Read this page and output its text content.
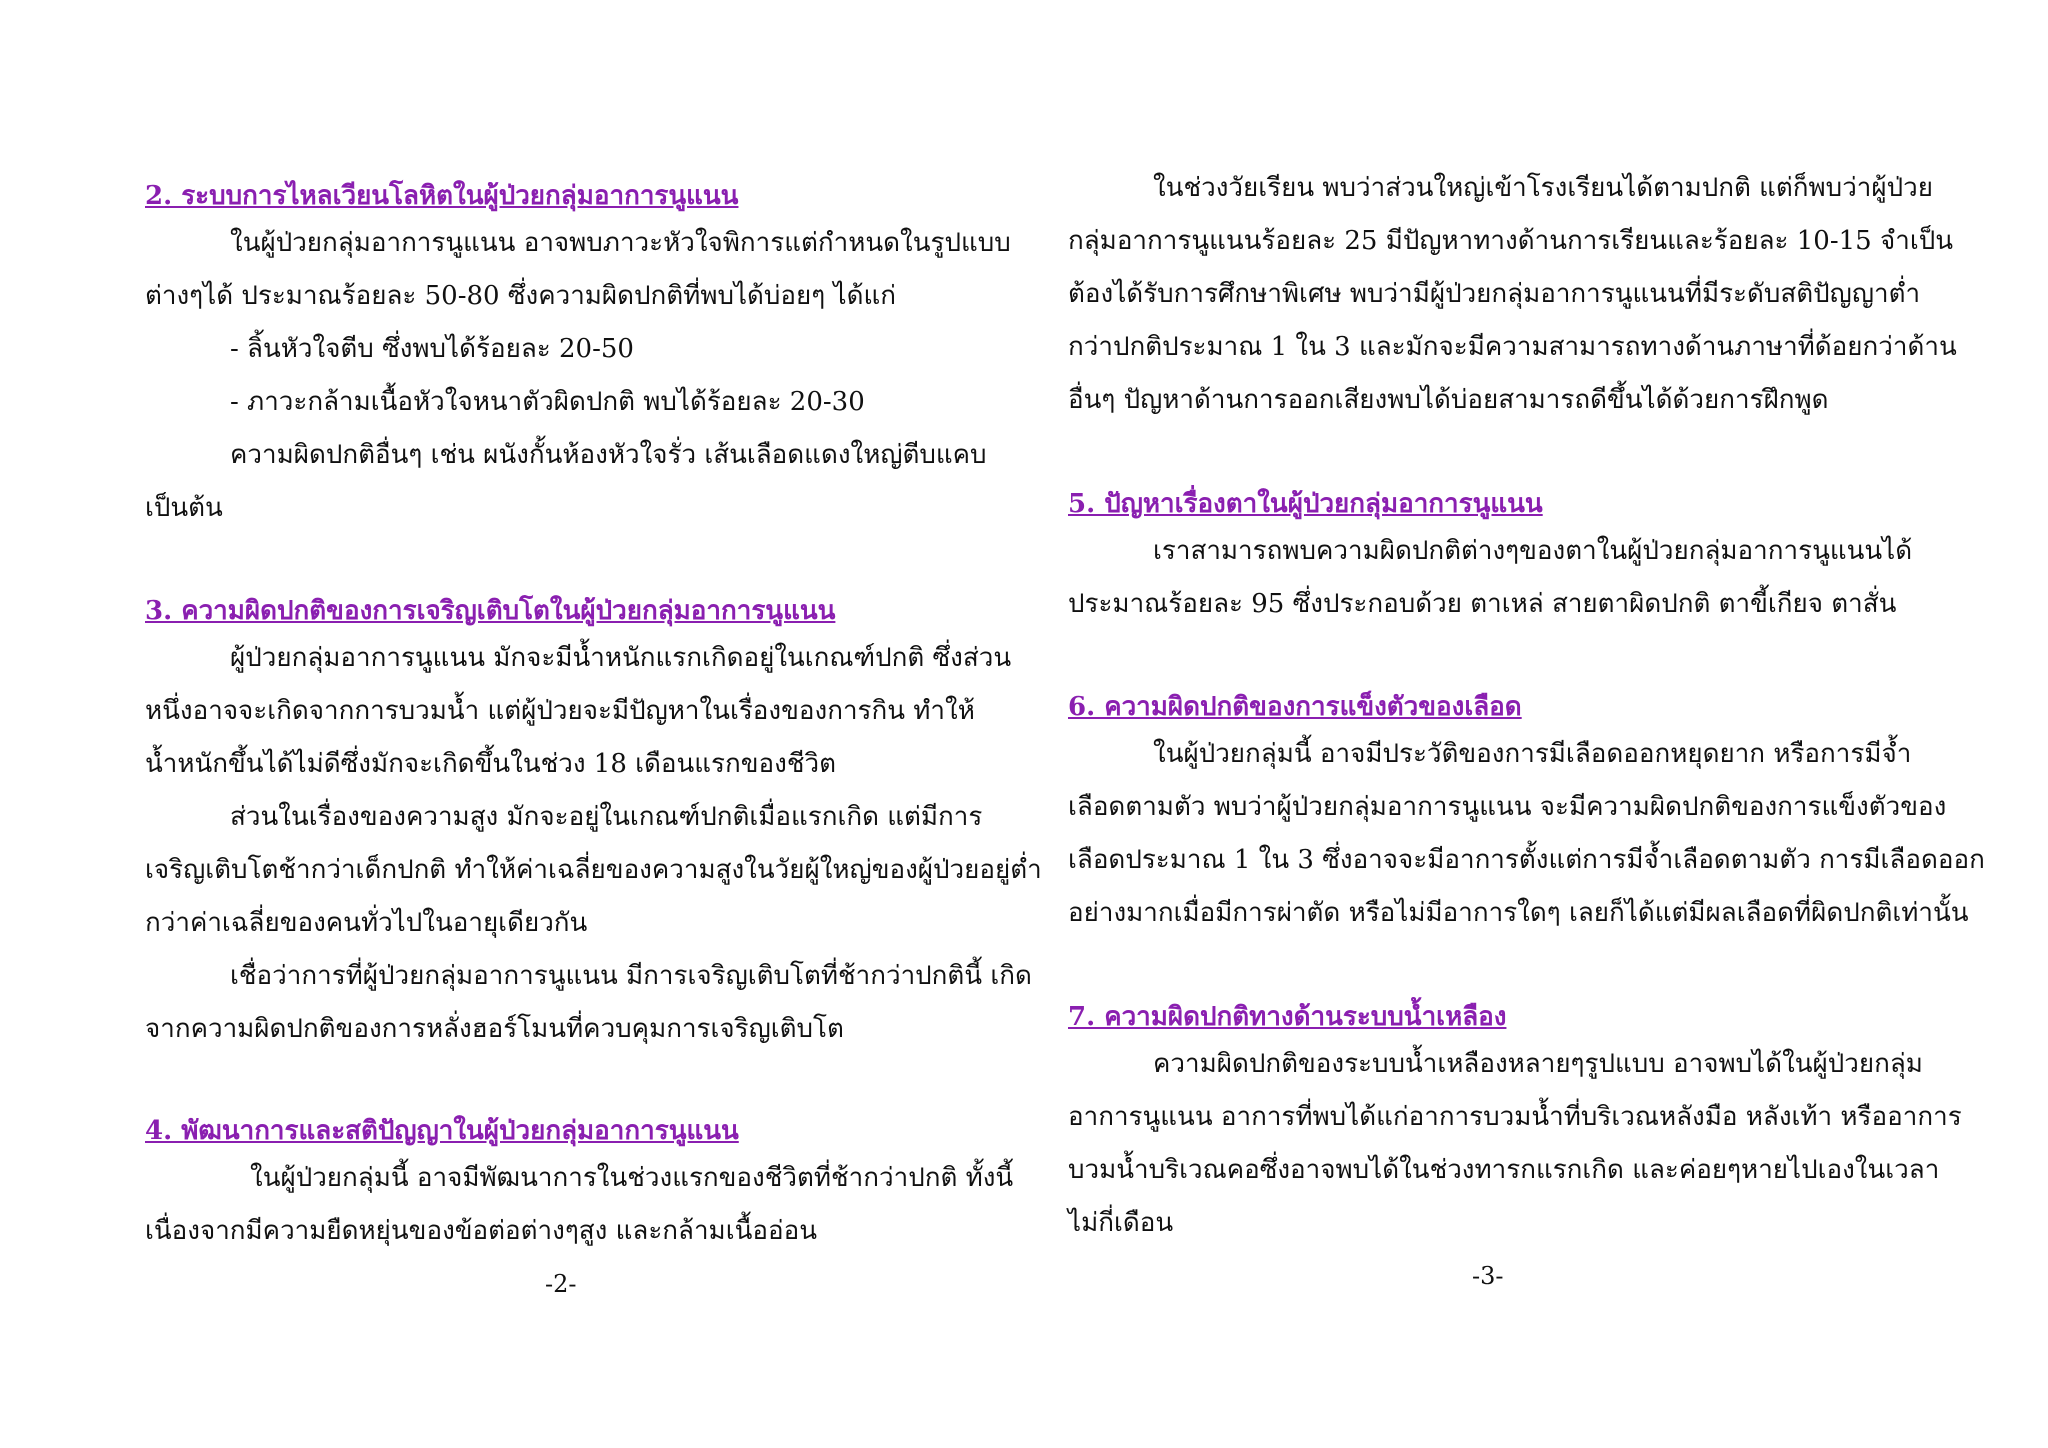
2. ระบบการไหลเวียนโลหิตในผู้ป่วยกลุ่มอาการนูแนน
ในผู้ป่วยกลุ่มอาการนูแนน อาจพบภาวะหัวใจพิการแต่กำหนดในรูปแบบ
ต่างๆได้ ประมาณร้อยละ 50-80 ซึ่งความผิดปกติที่พบได้บ่อยๆ ได้แก่
- ลิ้นหัวใจตีบ ซึ่งพบได้ร้อยละ 20-50
- ภาวะกล้ามเนื้อหัวใจหนาตัวผิดปกติ พบได้ร้อยละ 20-30
ความผิดปกติอื่นๆ เช่น ผนังกั้นห้องหัวใจรั่ว เส้นเลือดแดงใหญ่ตีบแคบ
เป็นต้น
3. ความผิดปกติของการเจริญเติบโตในผู้ป่วยกลุ่มอาการนูแนน
ผู้ป่วยกลุ่มอาการนูแนน มักจะมีน้ำหนักแรกเกิดอยู่ในเกณฑ์ปกติ ซึ่งส่วน
หนึ่งอาจจะเกิดจากการบวมน้ำ แต่ผู้ป่วยจะมีปัญหาในเรื่องของการกิน ทำให้
น้ำหนักขึ้นได้ไม่ดีซึ่งมักจะเกิดขึ้นในช่วง 18 เดือนแรกของชีวิต
ส่วนในเรื่องของความสูง มักจะอยู่ในเกณฑ์ปกติเมื่อแรกเกิด แต่มีการ
เจริญเติบโตช้ากว่าเด็กปกติ ทำให้ค่าเฉลี่ยของความสูงในวัยผู้ใหญ่ของผู้ป่วยอยู่ต่ำ
กว่าค่าเฉลี่ยของคนทั่วไปในอายุเดียวกัน
เชื่อว่าการที่ผู้ป่วยกลุ่มอาการนูแนน มีการเจริญเติบโตที่ช้ากว่าปกตินี้ เกิด
จากความผิดปกติของการหลั่งฮอร์โมนที่ควบคุมการเจริญเติบโต
4. พัฒนาการและสติปัญญาในผู้ป่วยกลุ่มอาการนูแนน
ในผู้ป่วยกลุ่มนี้ อาจมีพัฒนาการในช่วงแรกของชีวิตที่ช้ากว่าปกติ ทั้งนี้
เนื่องจากมีความยืดหยุ่นของข้อต่อต่างๆสูง และกล้ามเนื้ออ่อน
-2-
ในช่วงวัยเรียน พบว่าส่วนใหญ่เข้าโรงเรียนได้ตามปกติ แต่ก็พบว่าผู้ป่วย
กลุ่มอาการนูแนนร้อยละ 25 มีปัญหาทางด้านการเรียนและร้อยละ 10-15 จำเป็น
ต้องได้รับการศึกษาพิเศษ พบว่ามีผู้ป่วยกลุ่มอาการนูแนนที่มีระดับสติปัญญาต่ำ
กว่าปกติประมาณ 1 ใน 3 และมักจะมีความสามารถทางด้านภาษาที่ด้อยกว่าด้าน
อื่นๆ ปัญหาด้านการออกเสียงพบได้บ่อยสามารถดีขึ้นได้ด้วยการฝึกพูด
5. ปัญหาเรื่องตาในผู้ป่วยกลุ่มอาการนูแนน
เราสามารถพบความผิดปกติต่างๆของตาในผู้ป่วยกลุ่มอาการนูแนนได้
ประมาณร้อยละ 95 ซึ่งประกอบด้วย ตาเหล่ สายตาผิดปกติ ตาขี้เกียจ ตาสั่น
6. ความผิดปกติของการแข็งตัวของเลือด
ในผู้ป่วยกลุ่มนี้ อาจมีประวัติของการมีเลือดออกหยุดยาก หรือการมีจ้ำ
เลือดตามตัว พบว่าผู้ป่วยกลุ่มอาการนูแนน จะมีความผิดปกติของการแข็งตัวของ
เลือดประมาณ 1 ใน 3 ซึ่งอาจจะมีอาการตั้งแต่การมีจ้ำเลือดตามตัว การมีเลือดออก
อย่างมากเมื่อมีการผ่าตัด หรือไม่มีอาการใดๆ เลยก็ได้แต่มีผลเลือดที่ผิดปกติเท่านั้น
7. ความผิดปกติทางด้านระบบน้ำเหลือง
ความผิดปกติของระบบน้ำเหลืองหลายๆรูปแบบ อาจพบได้ในผู้ป่วยกลุ่ม
อาการนูแนน อาการที่พบได้แก่อาการบวมน้ำที่บริเวณหลังมือ หลังเท้า หรืออาการ
บวมน้ำบริเวณคอซึ่งอาจพบได้ในช่วงทารกแรกเกิด และค่อยๆหายไปเองในเวลา
ไม่กี่เดือน
-3-
